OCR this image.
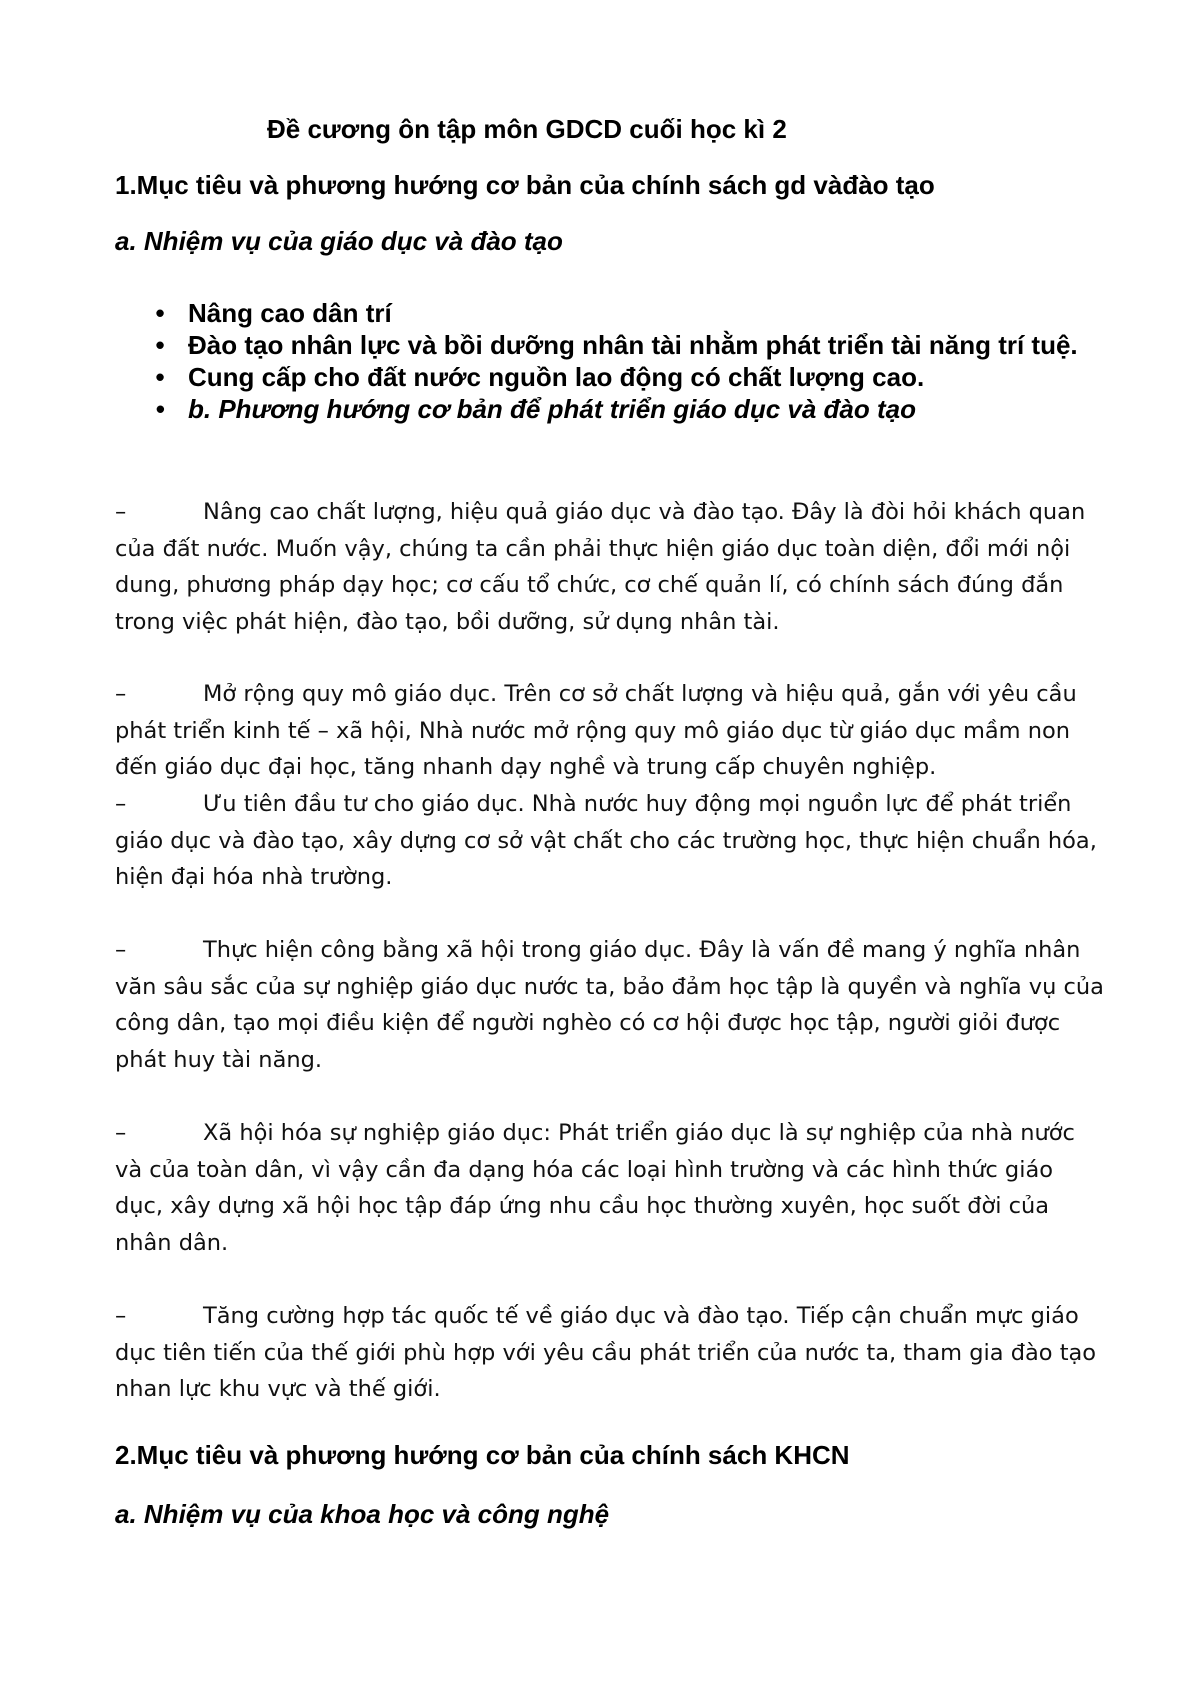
Đề cương ôn tập môn GDCD cuối học kì 2
1.Mục tiêu và phương hướng cơ bản của chính sách gd vàđào tạo
a. Nhiệm vụ của giáo dục và đào tạo
• Nâng cao dân trí
• Đào tạo nhân lực và bồi dưỡng nhân tài nhằm phát triển tài năng trí tuệ.
• Cung cấp cho đất nước nguồn lao động có chất lượng cao.
• b. Phương hướng cơ bản để phát triển giáo dục và đào tạo
–	Nâng cao chất lượng, hiệu quả giáo dục và đào tạo. Đây là đòi hỏi khách quan của đất nước. Muốn vậy, chúng ta cần phải thực hiện giáo dục toàn diện, đổi mới nội dung, phương pháp dạy học; cơ cấu tổ chức, cơ chế quản lí, có chính sách đúng đắn trong việc phát hiện, đào tạo, bồi dưỡng, sử dụng nhân tài.
–	Mở rộng quy mô giáo dục. Trên cơ sở chất lượng và hiệu quả, gắn với yêu cầu phát triển kinh tế – xã hội, Nhà nước mở rộng quy mô giáo dục từ giáo dục mầm non đến giáo dục đại học, tăng nhanh dạy nghề và trung cấp chuyên nghiệp.
–	Ưu tiên đầu tư cho giáo dục. Nhà nước huy động mọi nguồn lực để phát triển giáo dục và đào tạo, xây dựng cơ sở vật chất cho các trường học, thực hiện chuẩn hóa, hiện đại hóa nhà trường.
–	Thực hiện công bằng xã hội trong giáo dục. Đây là vấn đề mang ý nghĩa nhân văn sâu sắc của sự nghiệp giáo dục nước ta, bảo đảm học tập là quyền và nghĩa vụ của công dân, tạo mọi điều kiện để người nghèo có cơ hội được học tập, người giỏi được phát huy tài năng.
–	Xã hội hóa sự nghiệp giáo dục: Phát triển giáo dục là sự nghiệp của nhà nước và của toàn dân, vì vậy cần đa dạng hóa các loại hình trường và các hình thức giáo dục, xây dựng xã hội học tập đáp ứng nhu cầu học thường xuyên, học suốt đời của nhân dân.
–	Tăng cường hợp tác quốc tế về giáo dục và đào tạo. Tiếp cận chuẩn mực giáo dục tiên tiến của thế giới phù hợp với yêu cầu phát triển của nước ta, tham gia đào tạo nhan lực khu vực và thế giới.
2.Mục tiêu và phương hướng cơ bản của chính sách KHCN
a. Nhiệm vụ của khoa học và công nghệ
